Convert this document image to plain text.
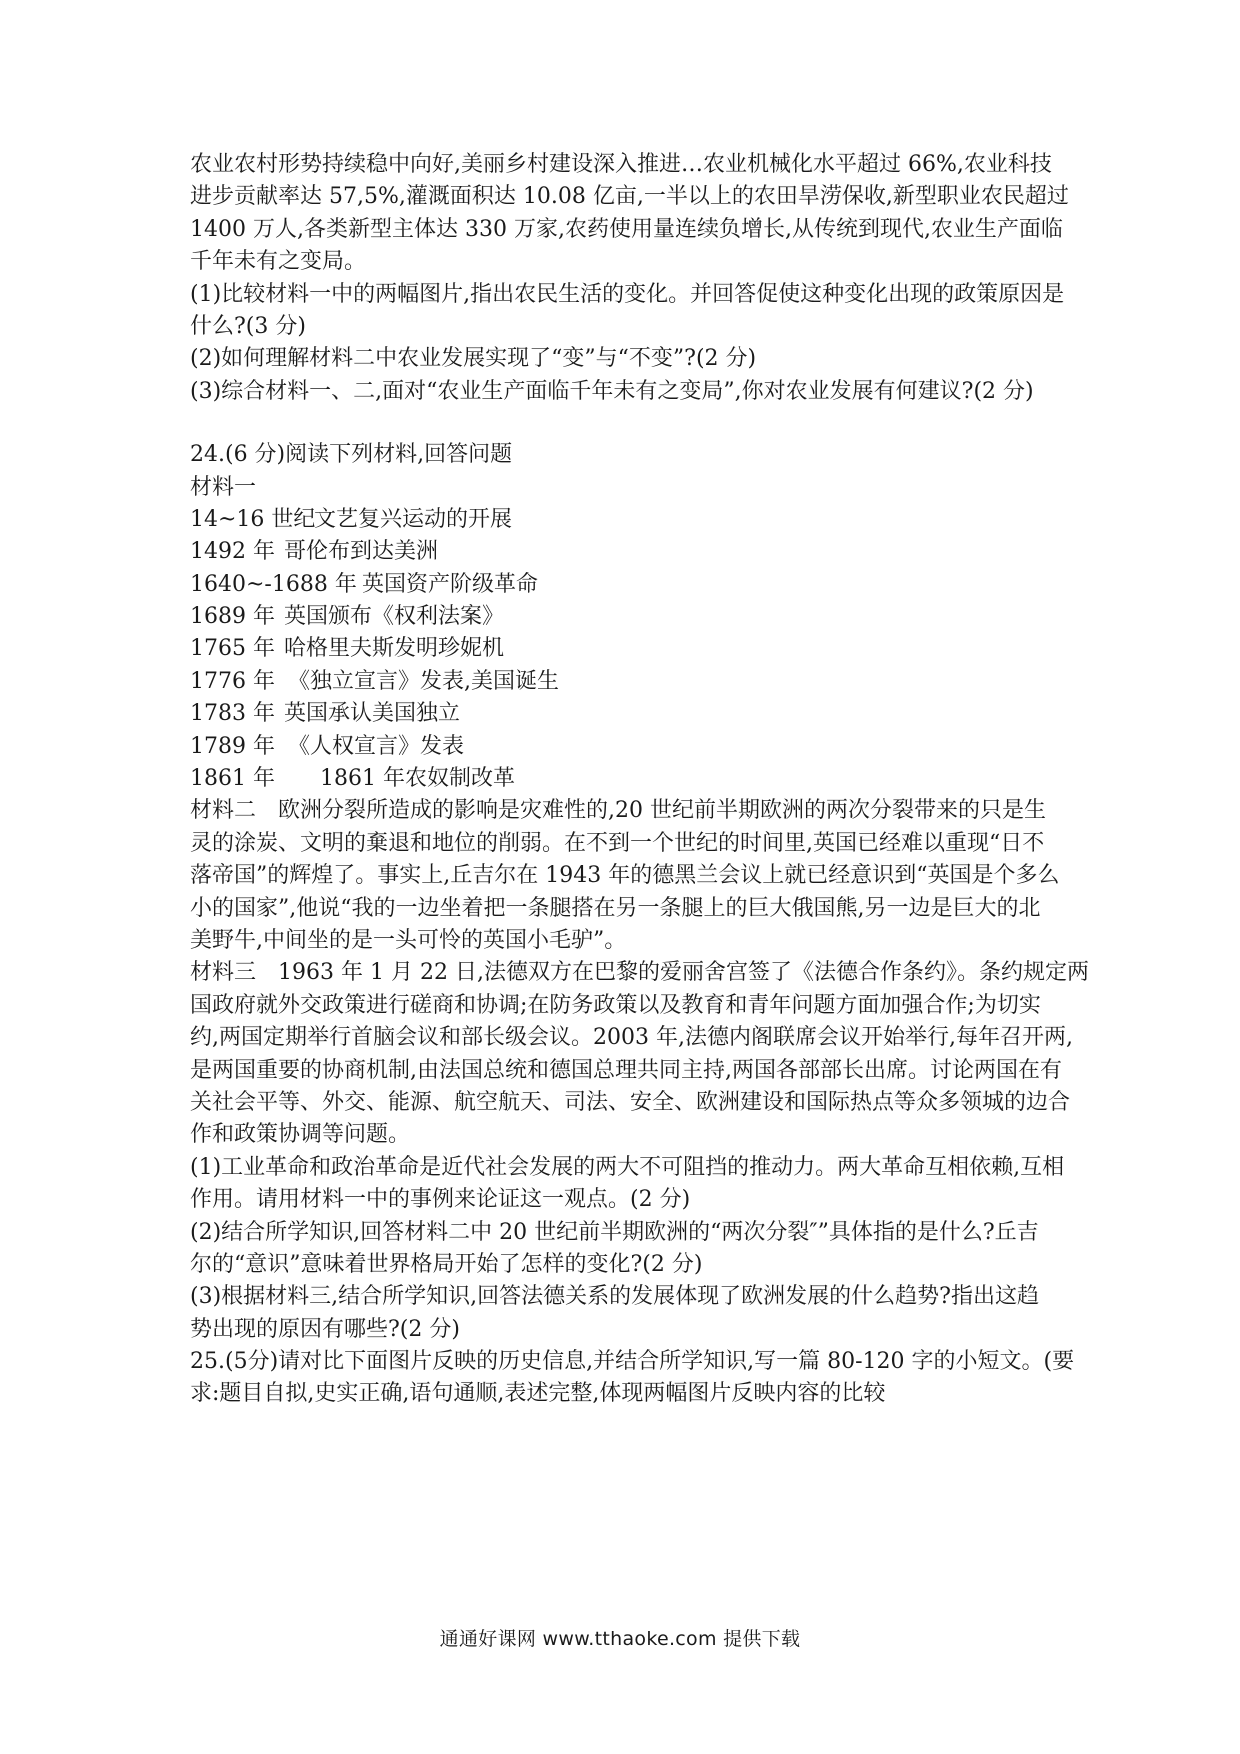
农业农村形势持续稳中向好,美丽乡村建设深入推进…农业机械化水平超过 66%,农业科技
进步贡献率达 57,5%,灌溉面积达 10.08 亿亩,一半以上的农田旱涝保收,新型职业农民超过
1400 万人,各类新型主体达 330 万家,农药使用量连续负增长,从传统到现代,农业生产面临
千年未有之变局。
(1)比较材料一中的两幅图片,指出农民生活的变化。并回答促使这种变化出现的政策原因是
什么?(3 分)
(2)如何理解材料二中农业发展实现了“变”与“不变”?(2 分)
(3)综合材料一、二,面对“农业生产面临千年未有之变局”,你对农业发展有何建议?(2 分)
24.(6 分)阅读下列材料,回答问题
材料一
14~16 世纪文艺复兴运动的开展
1492 年 哥伦布到达美洲
1640~-1688 年 英国资产阶级革命
1689 年 英国颁布《权利法案》
1765 年 哈格里夫斯发明珍妮机
1776 年 《独立宣言》发表,美国诞生
1783 年 英国承认美国独立
1789 年 《人权宣言》发表
1861 年 1861 年农奴制改革
材料二　欧洲分裂所造成的影响是灾难性的,20 世纪前半期欧洲的两次分裂带来的只是生
灵的涂炭、文明的棄退和地位的削弱。在不到一个世纪的时间里,英国已经难以重现“日不
落帝国”的辉煌了。事实上,丘吉尔在 1943 年的德黑兰会议上就已经意识到“英国是个多么
小的国家”,他说“我的一边坐着把一条腿搭在另一条腿上的巨大俄国熊,另一边是巨大的北
美野牛,中间坐的是一头可怜的英国小毛驴”。
材料三　1963 年 1 月 22 日,法德双方在巴黎的爱丽舍宫签了《法德合作条约》。条约规定两
国政府就外交政策进行磋商和协调;在防务政策以及教育和青年问题方面加强合作;为切实
约,两国定期举行首脑会议和部长级会议。2003 年,法德内阁联席会议开始举行,每年召开两,
是两国重要的协商机制,由法国总统和德国总理共同主持,两国各部部长出席。讨论两国在有
关社会平等、外交、能源、航空航天、司法、安全、欧洲建设和国际热点等众多领城的边合
作和政策协调等问题。
(1)工业革命和政治革命是近代社会发展的两大不可阻挡的推动力。两大革命互相依赖,互相
作用。请用材料一中的事例来论证这一观点。(2 分)
(2)结合所学知识,回答材料二中 20 世纪前半期欧洲的“两次分裂″”具体指的是什么?丘吉
尔的“意识”意味着世界格局开始了怎样的变化?(2 分)
(3)根据材料三,结合所学知识,回答法德关系的发展体现了欧洲发展的什么趋势?指出这趋
势出现的原因有哪些?(2 分)
25.(5分)请对比下面图片反映的历史信息,并结合所学知识,写一篇 80-120 字的小短文。(要
求:题目自拟,史实正确,语句通顺,表述完整,体现两幅图片反映内容的比较
通通好课网 www.tthaoke.com 提供下载
